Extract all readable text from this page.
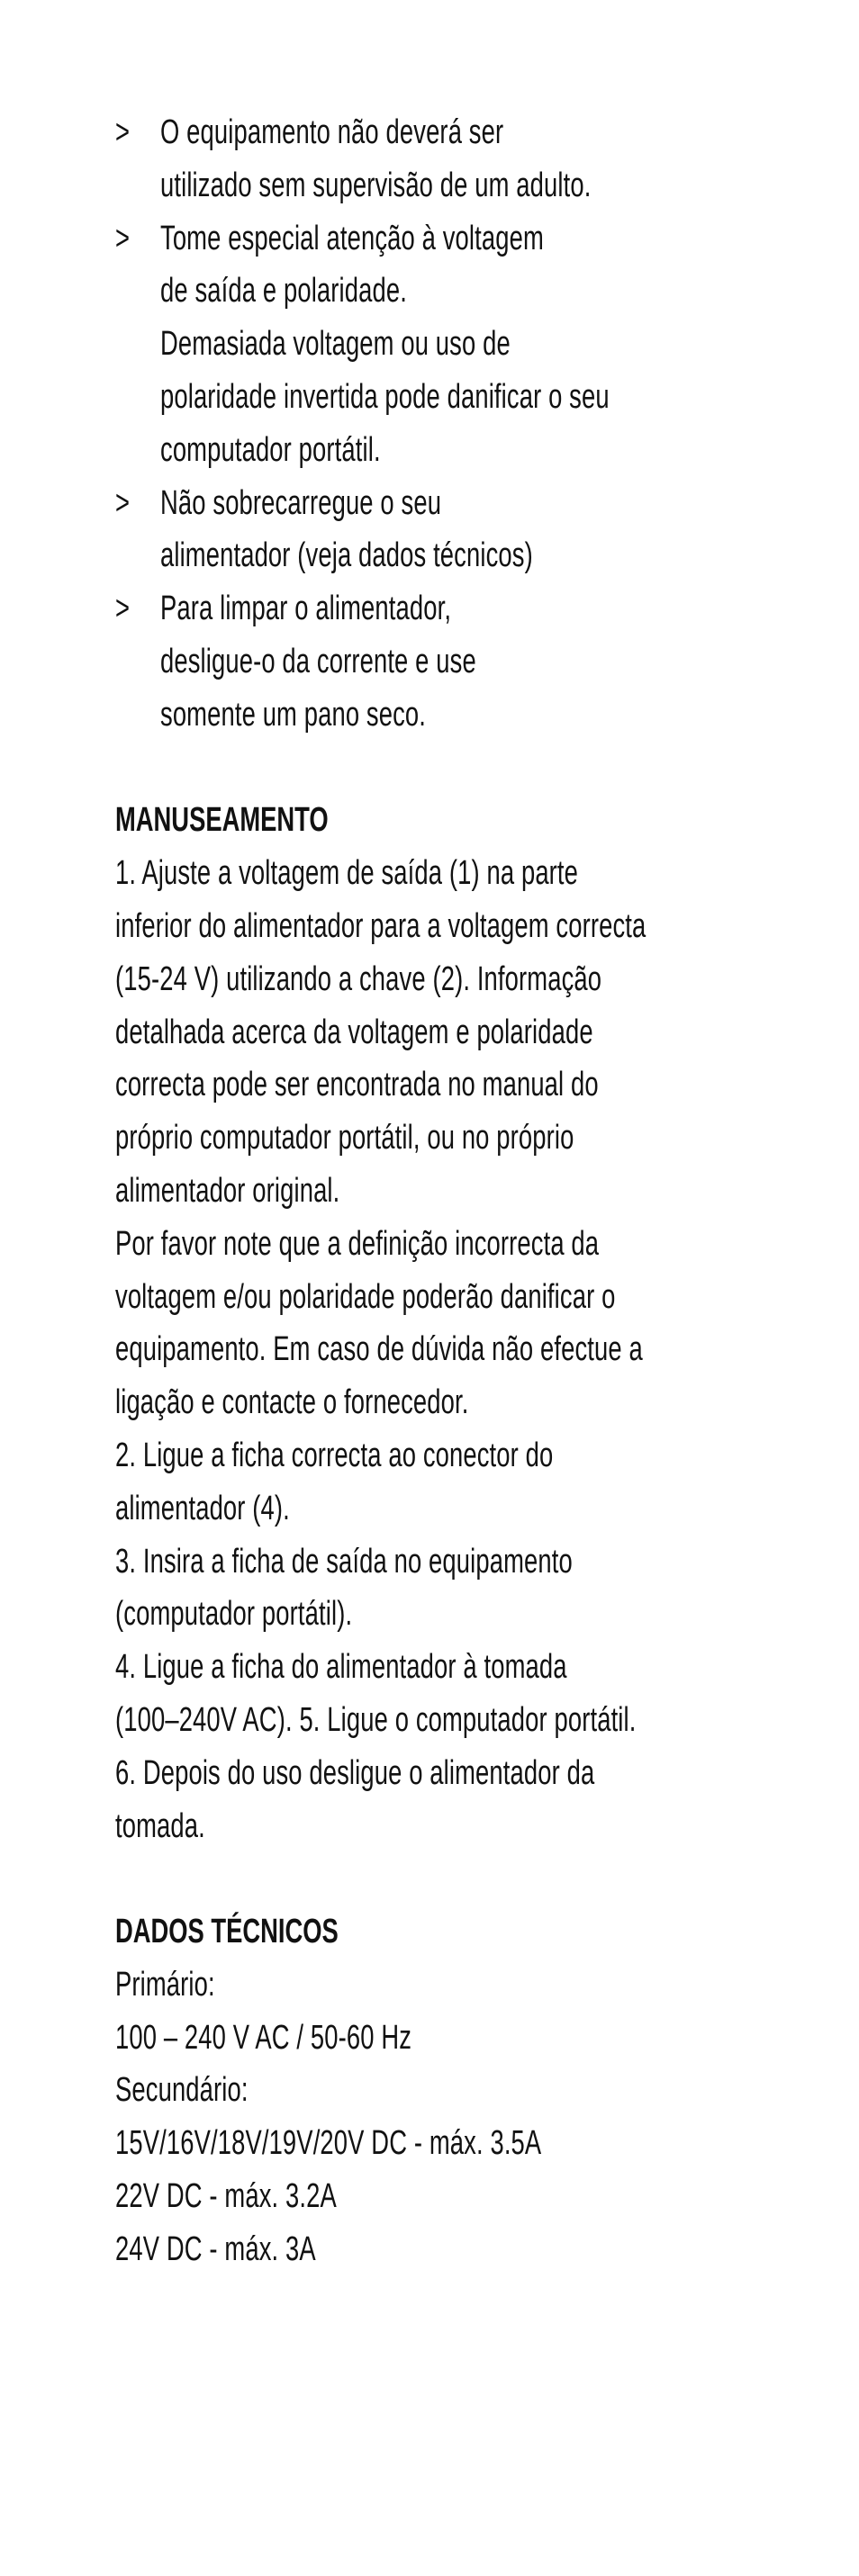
> O equipamento não deverá ser
utilizado sem supervisão de um adulto.
> Tome especial atenção à voltagem
de saída e polaridade.
Demasiada voltagem ou uso de
polaridade invertida pode danificar o seu
computador portátil.
> Não sobrecarregue o seu
alimentador (veja dados técnicos)
> Para limpar o alimentador,
desligue-o da corrente e use
somente um pano seco.
MANUSEAMENTO
1. Ajuste a voltagem de saída (1) na parte
inferior do alimentador para a voltagem correcta
(15-24 V) utilizando a chave (2). Informação
detalhada acerca da voltagem e polaridade
correcta pode ser encontrada no manual do
próprio computador portátil, ou no próprio
alimentador original.
Por favor note que a definição incorrecta da
voltagem e/ou polaridade poderão danificar o
equipamento. Em caso de dúvida não efectue a
ligação e contacte o fornecedor.
2. Ligue a ficha correcta ao conector do
alimentador (4).
3. Insira a ficha de saída no equipamento
(computador portátil).
4. Ligue a ficha do alimentador à tomada
(100–240V AC). 5. Ligue o computador portátil.
6. Depois do uso desligue o alimentador da
tomada.
DADOS TÉCNICOS
Primário:
100 – 240 V AC / 50-60 Hz
Secundário:
15V/16V/18V/19V/20V DC - máx. 3.5A
22V DC - máx. 3.2A
24V DC - máx. 3A
